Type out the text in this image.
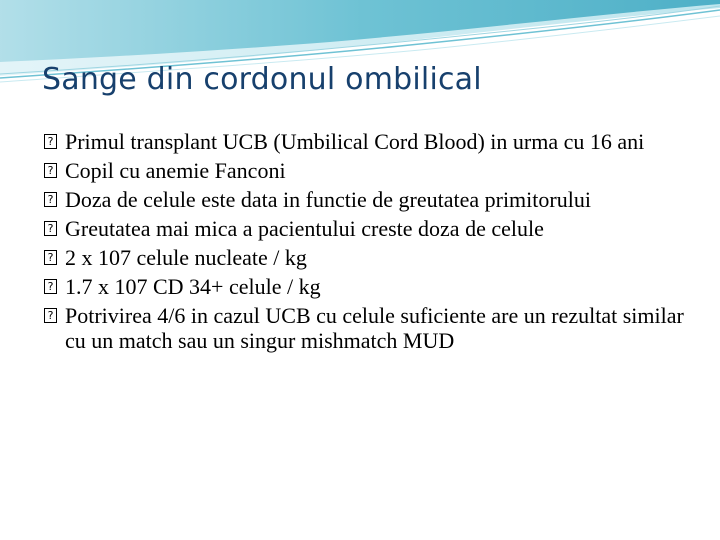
Sange din cordonul ombilical
?
Primul transplant UCB (Umbilical Cord Blood) in urma cu 16 ani
?
Copil cu anemie Fanconi
?
Doza de celule este data in functie de greutatea primitorului
?
Greutatea mai mica a pacientului creste doza de celule
?
2 x 107 celule nucleate / kg
?
1.7 x 107 CD 34+ celule / kg
?
Potrivirea 4/6 in cazul UCB cu celule suficiente are un rezultat similar cu un match sau un singur mishmatch MUD
